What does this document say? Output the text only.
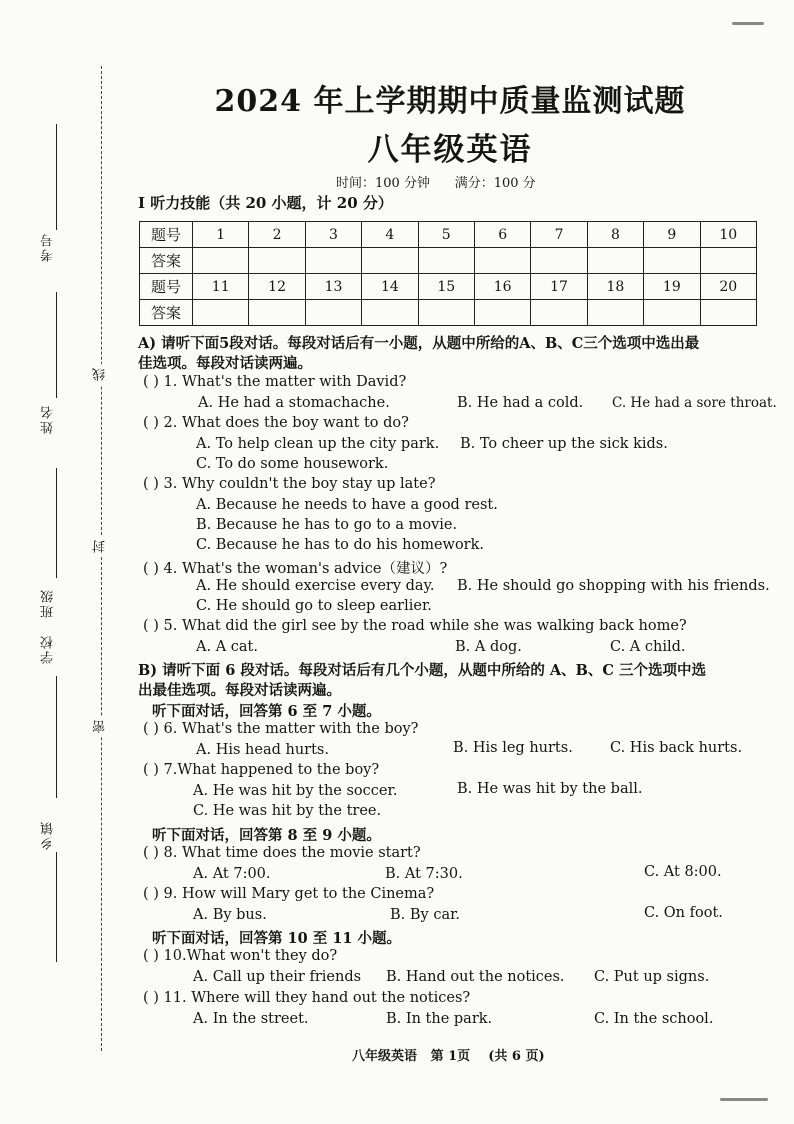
考号
姓名
班级
学校
乡镇
线
封
密
2024 年上学期期中质量监测试题
八年级英语
时间：100 分钟      满分：100 分
I 听力技能（共 20 小题，计 20 分）
题号	1	2	3	4	5	6	7	8	9	10
答案										
题号	11	12	13	14	15	16	17	18	19	20
答案										
A) 请听下面5段对话。每段对话后有一小题，从题中所给的A、B、C三个选项中选出最
佳选项。每段对话读两遍。
( ) 1. What's the matter with David?
A. He had a stomachache.	B. He had a cold. C. He had a sore throat.
( ) 2. What does the boy want to do?
A. To help clean up the city park. B. To cheer up the sick kids.
C. To do some housework.
( ) 3. Why couldn't the boy stay up late?
A. Because he needs to have a good rest.
B. Because he has to go to a movie.
C. Because he has to do his homework.
( ) 4. What's the woman's advice（建议）?
A. He should exercise every day. B. He should go shopping with his friends.
C. He should go to sleep earlier.
( ) 5. What did the girl see by the road while she was walking back home?
A. A cat.	B. A dog.	C. A child.
B) 请听下面 6 段对话。每段对话后有几个小题，从题中所给的 A、B、C 三个选项中选
出最佳选项。每段对话读两遍。
听下面对话，回答第 6 至 7 小题。
( ) 6. What's the matter with the boy?
A. His head hurts.	B. His leg hurts.	C. His back hurts.
( ) 7.What happened to the boy?
A. He was hit by the soccer.	B. He was hit by the ball.
C. He was hit by the tree.
听下面对话，回答第 8 至 9 小题。
( ) 8. What time does the movie start?
A. At 7:00.	B. At 7:30.	C. At 8:00.
( ) 9. How will Mary get to the Cinema?
A. By bus.	B. By car.	C. On foot.
听下面对话，回答第 10 至 11 小题。
( ) 10.What won't they do?
A. Call up their friends B. Hand out the notices. C. Put up signs.
( ) 11. Where will they hand out the notices?
A. In the street.	B. In the park.	C. In the school.
八年级英语   第 1页    (共 6 页)
